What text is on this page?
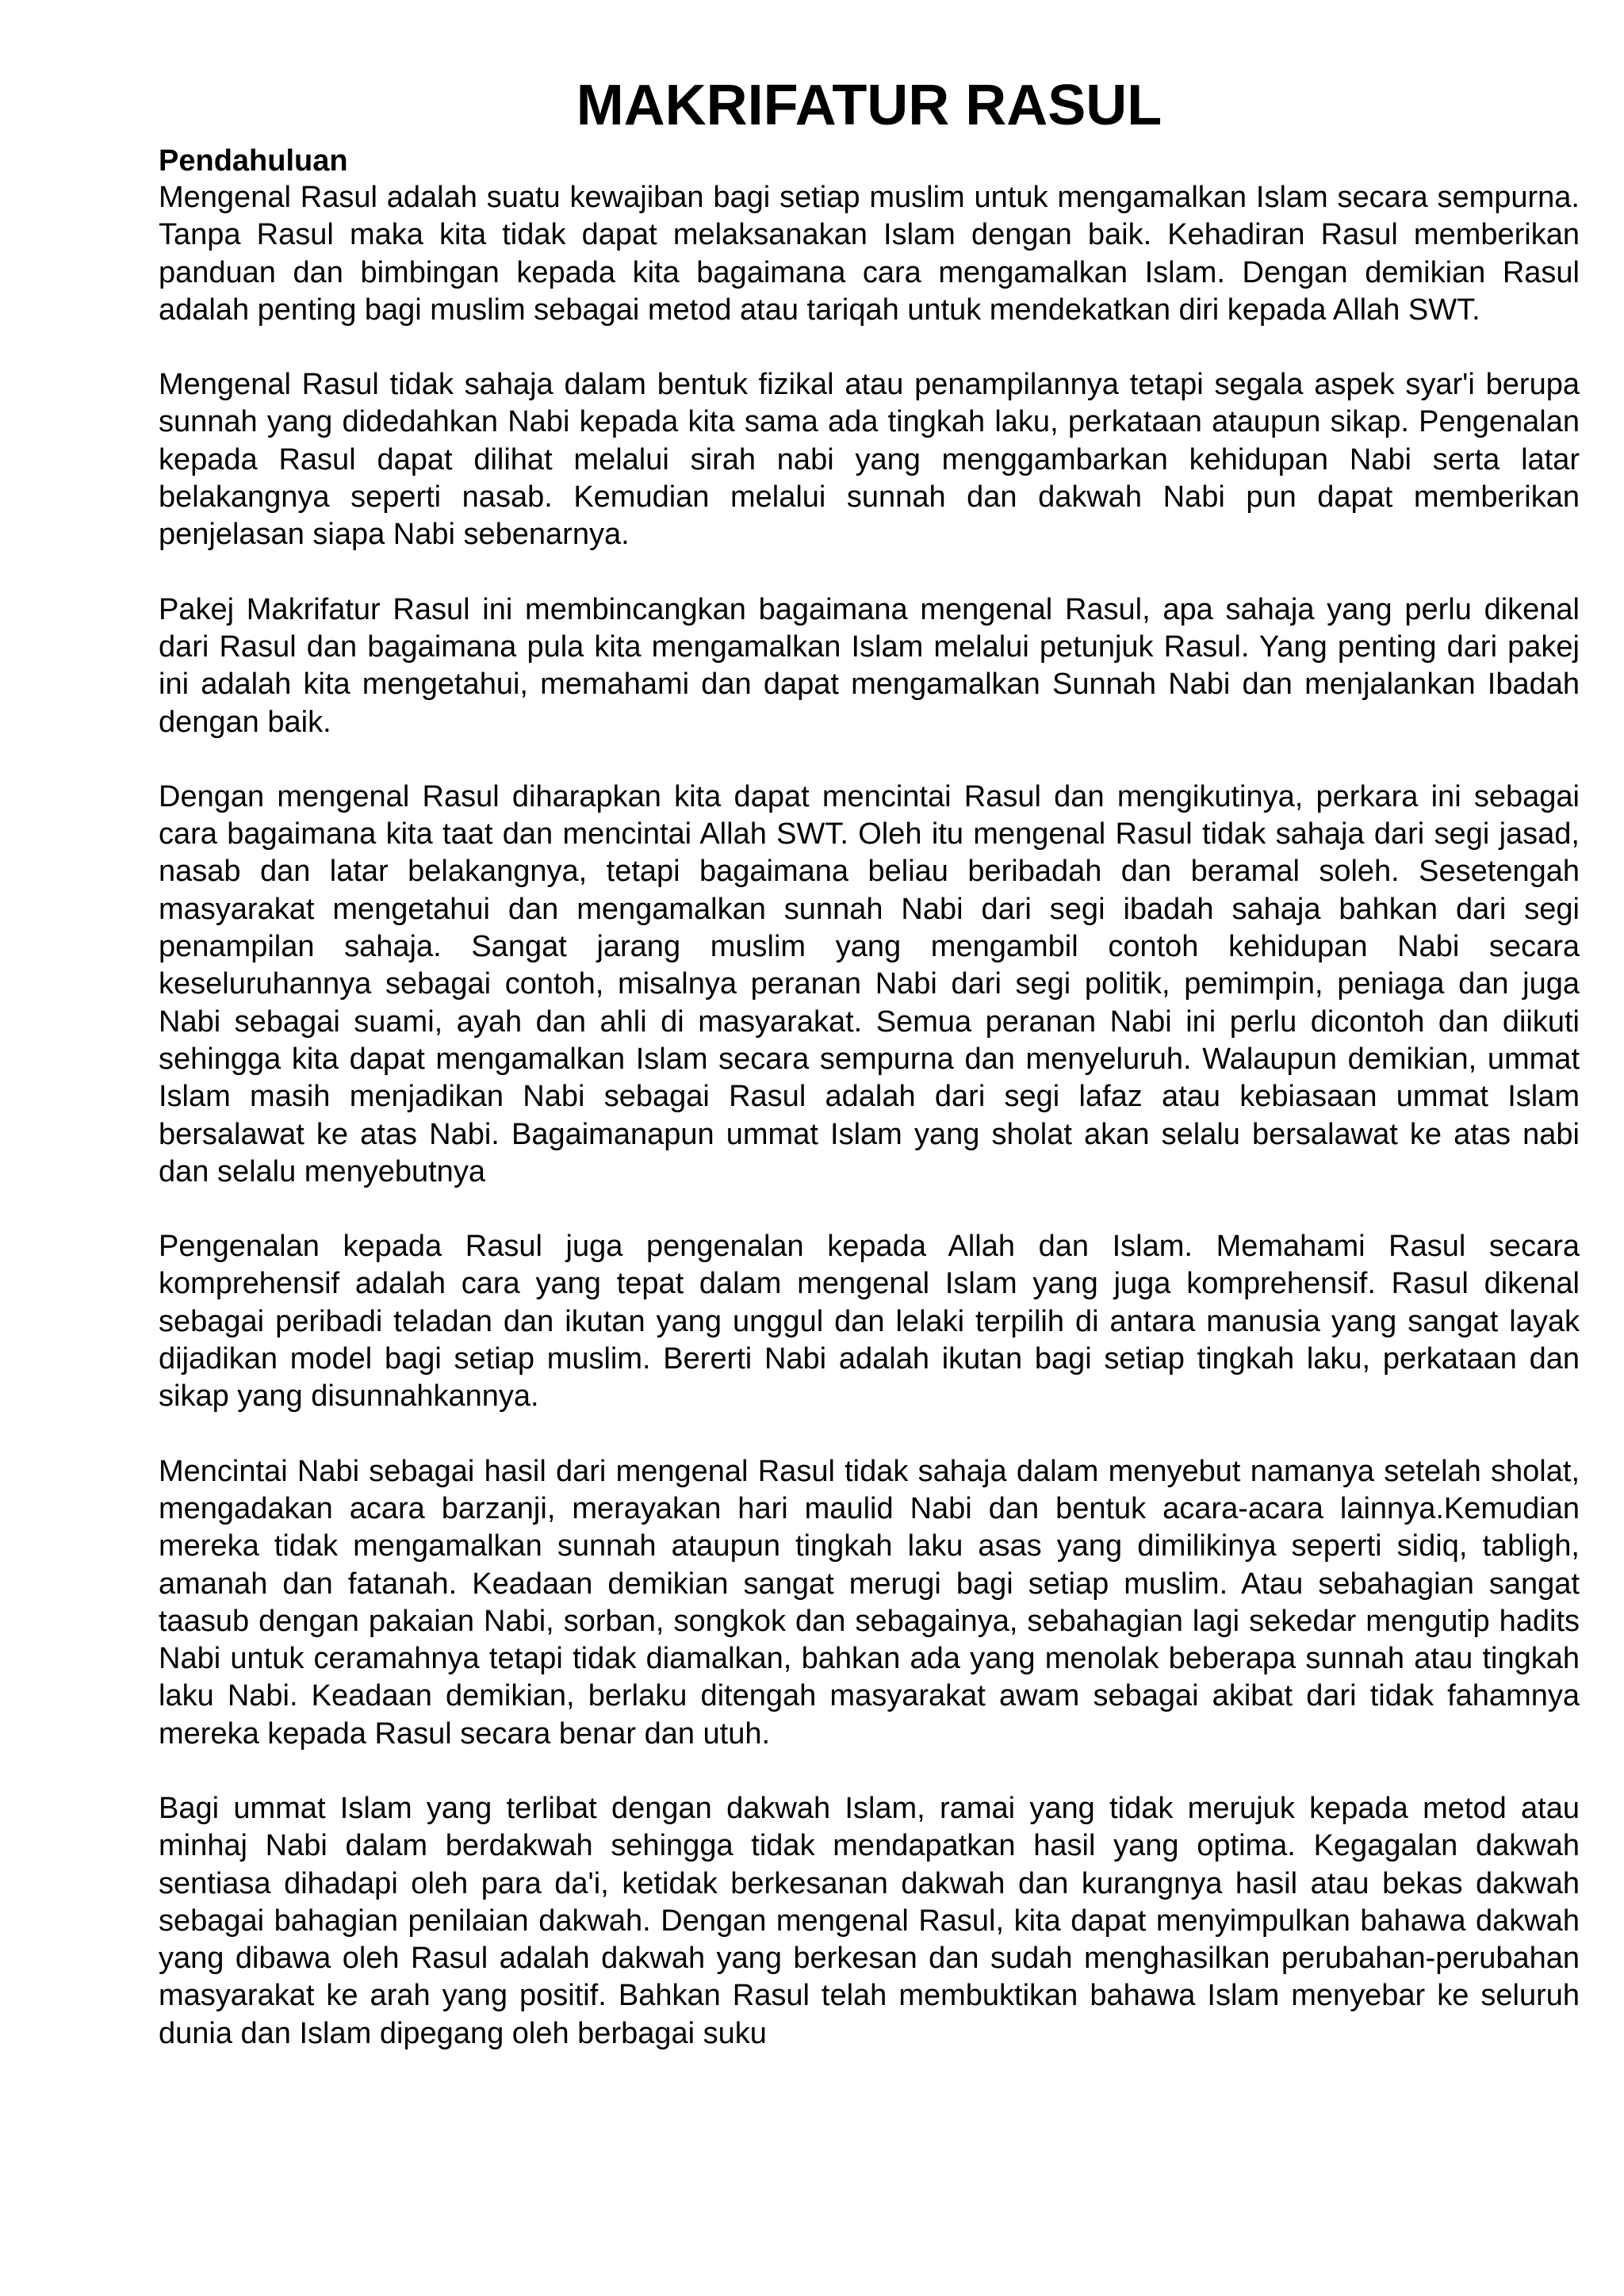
MAKRIFATUR RASUL
Pendahuluan

Mengenal Rasul adalah suatu kewajiban bagi setiap muslim untuk mengamalkan Islam secara sempurna. Tanpa Rasul maka kita tidak dapat melaksanakan Islam dengan baik. Kehadiran Rasul memberikan panduan dan bimbingan kepada kita bagaimana cara mengamalkan Islam. Dengan demikian Rasul adalah penting bagi muslim sebagai metod atau tariqah untuk mendekatkan diri kepada Allah SWT.

Mengenal Rasul tidak sahaja dalam bentuk fizikal atau penampilannya tetapi segala aspek syar'i berupa sunnah yang didedahkan Nabi kepada kita sama ada tingkah laku, perkataan ataupun sikap. Pengenalan kepada Rasul dapat dilihat melalui sirah nabi yang menggambarkan kehidupan Nabi serta latar belakangnya seperti nasab. Kemudian melalui sunnah dan dakwah Nabi pun dapat memberikan penjelasan siapa Nabi sebenarnya.

Pakej Makrifatur Rasul ini membincangkan bagaimana mengenal Rasul, apa sahaja yang perlu dikenal dari Rasul dan bagaimana pula kita mengamalkan Islam melalui petunjuk Rasul. Yang penting dari pakej ini adalah kita mengetahui, memahami dan dapat mengamalkan Sunnah Nabi dan menjalankan Ibadah dengan baik.

Dengan mengenal Rasul diharapkan kita dapat mencintai Rasul dan mengikutinya, perkara ini sebagai cara bagaimana kita taat dan mencintai Allah SWT. Oleh itu mengenal Rasul tidak sahaja dari segi jasad, nasab dan latar belakangnya, tetapi bagaimana beliau beribadah dan beramal soleh. Sesetengah masyarakat mengetahui dan mengamalkan sunnah Nabi dari segi ibadah sahaja bahkan dari segi penampilan sahaja. Sangat jarang muslim yang mengambil contoh kehidupan Nabi secara keseluruhannya sebagai contoh, misalnya peranan Nabi dari segi politik, pemimpin, peniaga dan juga Nabi sebagai suami, ayah dan ahli di masyarakat. Semua peranan Nabi ini perlu dicontoh dan diikuti sehingga kita dapat mengamalkan Islam secara sempurna dan menyeluruh. Walaupun demikian, ummat Islam masih menjadikan Nabi sebagai Rasul adalah dari segi lafaz atau kebiasaan ummat Islam bersalawat ke atas Nabi. Bagaimanapun ummat Islam yang sholat akan selalu bersalawat ke atas nabi dan selalu menyebutnya

Pengenalan kepada Rasul juga pengenalan kepada Allah dan Islam. Memahami Rasul secara komprehensif adalah cara yang tepat dalam mengenal Islam yang juga komprehensif. Rasul dikenal sebagai peribadi teladan dan ikutan yang unggul dan lelaki terpilih di antara manusia yang sangat layak dijadikan model bagi setiap muslim. Bererti Nabi adalah ikutan bagi setiap tingkah laku, perkataan dan sikap yang disunnahkannya.

Mencintai Nabi sebagai hasil dari mengenal Rasul tidak sahaja dalam menyebut namanya setelah sholat, mengadakan acara barzanji, merayakan hari maulid Nabi dan bentuk acara-acara lainnya.Kemudian mereka tidak mengamalkan sunnah ataupun tingkah laku asas yang dimilikinya seperti sidiq, tabligh, amanah dan fatanah. Keadaan demikian sangat merugi bagi setiap muslim. Atau sebahagian sangat taasub dengan pakaian Nabi, sorban, songkok dan sebagainya, sebahagian lagi sekedar mengutip hadits Nabi untuk ceramahnya tetapi tidak diamalkan, bahkan ada yang menolak beberapa sunnah atau tingkah laku Nabi. Keadaan demikian, berlaku ditengah masyarakat awam sebagai akibat dari tidak fahamnya mereka kepada Rasul secara benar dan utuh.

Bagi ummat Islam yang terlibat dengan dakwah Islam, ramai yang tidak merujuk kepada metod atau minhaj Nabi dalam berdakwah sehingga tidak mendapatkan hasil yang optima. Kegagalan dakwah sentiasa dihadapi oleh para da'i, ketidak berkesanan dakwah dan kurangnya hasil atau bekas dakwah sebagai bahagian penilaian dakwah. Dengan mengenal Rasul, kita dapat menyimpulkan bahawa dakwah yang dibawa oleh Rasul adalah dakwah yang berkesan dan sudah menghasilkan perubahan-perubahan masyarakat ke arah yang positif. Bahkan Rasul telah membuktikan bahawa Islam menyebar ke seluruh dunia dan Islam dipegang oleh berbagai suku
